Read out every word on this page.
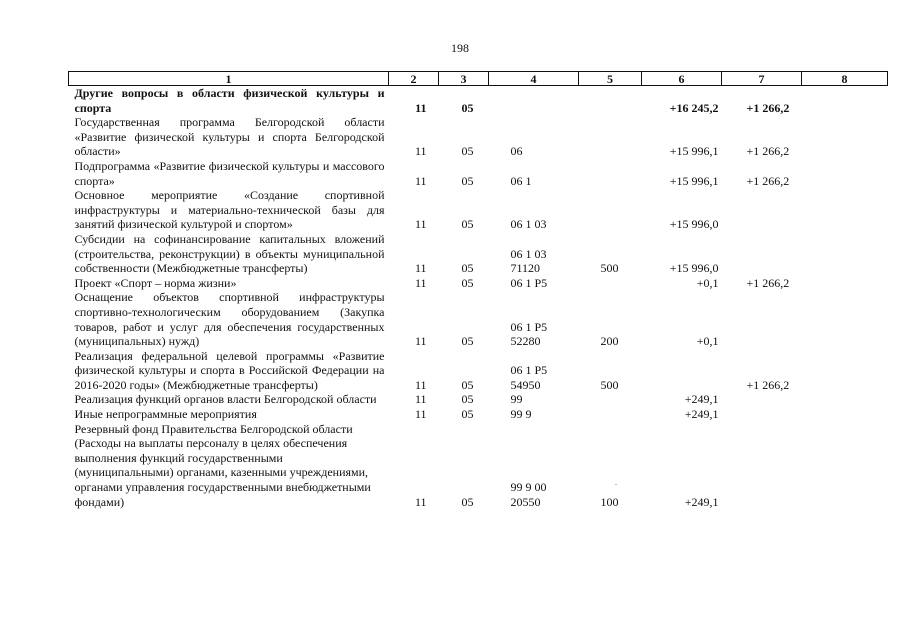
198
1	2	3	4	5	6	7	8
Другие вопросы в области физической культуры и спорта	11	05			+16 245,2	+1 266,2	
Государственная программа Белгородской области «Развитие физической культуры и спорта Белгородской области»	11	05	06		+15 996,1	+1 266,2	
Подпрограмма «Развитие физической культуры и массового спорта»	11	05	06 1		+15 996,1	+1 266,2	
Основное мероприятие «Создание спортивной инфраструктуры и материально-технической базы для занятий физической культурой и спортом»	11	05	06 1 03		+15 996,0		
Субсидии на софинансирование капитальных вложений (строительства, реконструкции) в объекты муниципальной собственности (Межбюджетные трансферты)	11	05	06 1 03 71120	500	+15 996,0		
Проект «Спорт – норма жизни»	11	05	06 1 P5		+0,1	+1 266,2	
Оснащение объектов спортивной инфраструктуры спортивно-технологическим оборудованием (Закупка товаров, работ и услуг для обеспечения государственных (муниципальных) нужд)	11	05	06 1 P5 52280	200	+0,1		
Реализация федеральной целевой программы «Развитие физической культуры и спорта в Российской Федерации на 2016-2020 годы» (Межбюджетные трансферты)	11	05	06 1 P5 54950	500		+1 266,2	
Реализация функций органов власти Белгородской области	11	05	99		+249,1		
Иные непрограммные мероприятия	11	05	99 9		+249,1		
Резервный фонд Правительства Белгородской области (Расходы на выплаты персоналу в целях обеспечения выполнения функций государственными (муниципальными) органами, казенными учреждениями, органами управления государственными внебюджетными фондами)	11	05	99 9 00 20550	100	+249,1		
